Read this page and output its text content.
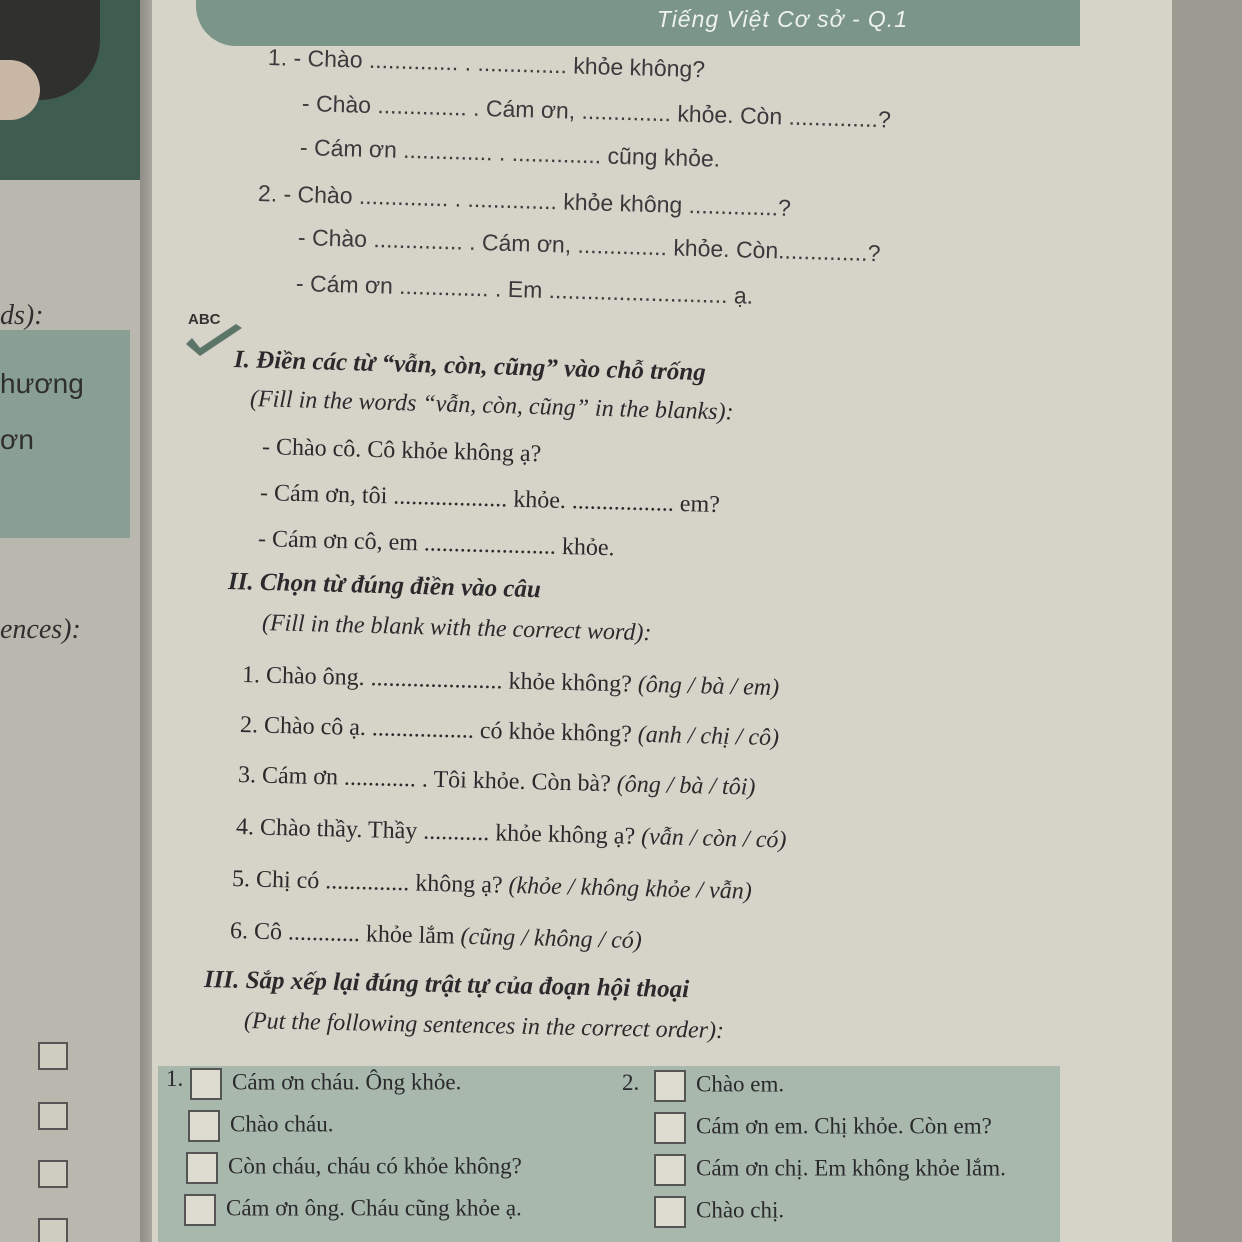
ds):
hương
ơn
ences):
Tiếng Việt Cơ sở - Q.1
1. - Chào .............. . .............. khỏe không?
- Chào .............. . Cám ơn, .............. khỏe. Còn ..............?
- Cám ơn .............. . .............. cũng khỏe.
2. - Chào .............. . .............. khỏe không ..............?
- Chào .............. . Cám ơn, .............. khỏe. Còn..............?
- Cám ơn .............. . Em ............................ ạ.
ABC
I. Điền các từ “vẫn, còn, cũng” vào chỗ trống
(Fill in the words “vẫn, còn, cũng” in the blanks):
- Chào cô. Cô khỏe không ạ?
- Cám ơn, tôi ................... khỏe. ................. em?
- Cám ơn cô, em ...................... khỏe.
II. Chọn từ đúng điền vào câu
(Fill in the blank with the correct word):
1. Chào ông. ...................... khỏe không? (ông / bà / em)
2. Chào cô ạ. ................. có khỏe không? (anh / chị / cô)
3. Cám ơn ............ . Tôi khỏe. Còn bà? (ông / bà / tôi)
4. Chào thầy. Thầy ........... khỏe không ạ? (vẫn / còn / có)
5. Chị có .............. không ạ? (khỏe / không khỏe / vẫn)
6. Cô ............ khỏe lắm (cũng / không / có)
III. Sắp xếp lại đúng trật tự của đoạn hội thoại
(Put the following sentences in the correct order):
1.	Cám ơn cháu. Ông khỏe.
Chào cháu.
Còn cháu, cháu có khỏe không?
Cám ơn ông. Cháu cũng khỏe ạ.
2.	Chào em.
Cám ơn em. Chị khỏe. Còn em?
Cám ơn chị. Em không khỏe lắm.
Chào chị.
